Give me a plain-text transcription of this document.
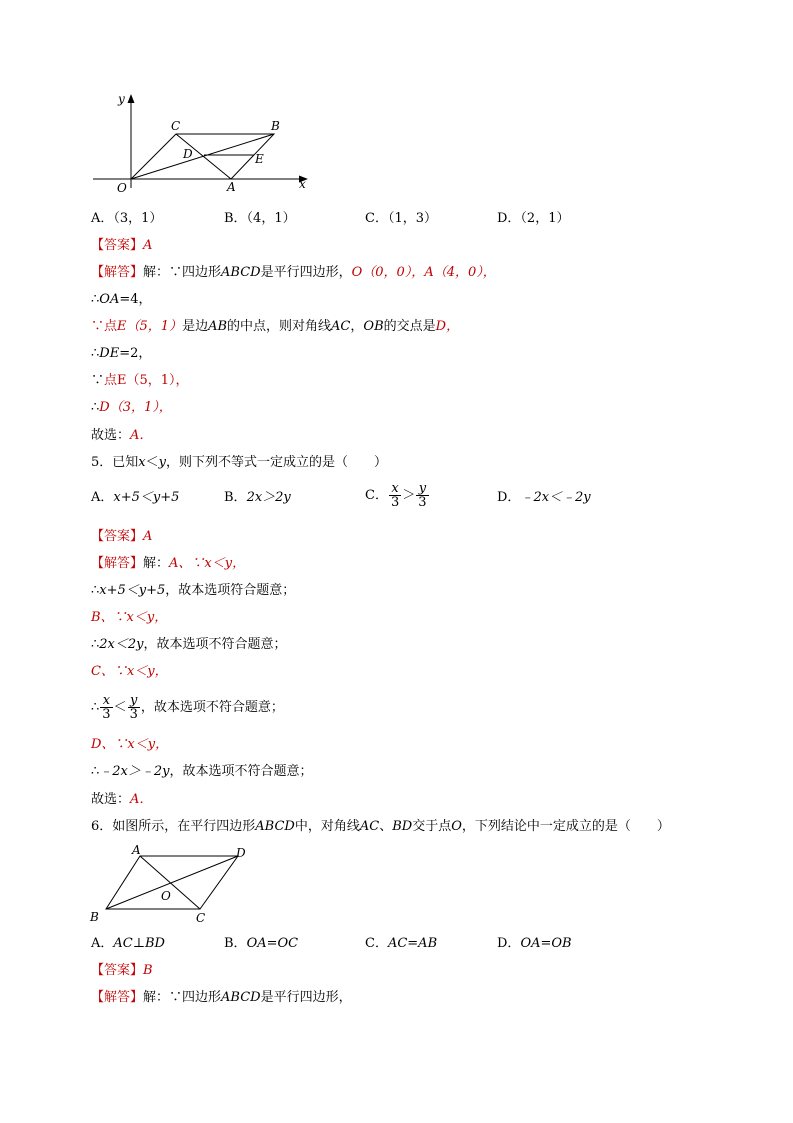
y
x
O	A
B
C
D	E
A．（3，1）	B．（4，1）	C．（1，3）	D．（2，1）
【答案】A
【解答】解：∵四边形ABCD是平行四边形，O（0，0），A（4，0），
∴OA=4，
∵点E（5，1）是边AB的中点，则对角线AC，OB的交点是D，
∴DE=2，
∵点E（5，1），
∴D（3，1），
故选：A．
5．已知x＜y，则下列不等式一定成立的是（　　）
A．x+5＜y+5	B．2x＞2y	C． $\frac{x}{3} > \frac{y}{3}$	D．﹣2x＜﹣2y
【答案】A
【解答】解：A、∵x＜y，
∴x+5＜y+5，故本选项符合题意；
B、∵x＜y，
∴2x＜2y，故本选项不符合题意；
C、∵x＜y，
∴ $\frac{x}{3} < \frac{y}{3}$ ，故本选项不符合题意；
D、∵x＜y，
∴﹣2x＞﹣2y，故本选项不符合题意；
故选：A．
6．如图所示，在平行四边形ABCD中，对角线AC、BD交于点O，下列结论中一定成立的是（　　）
A	D
B	C
O
A．AC⊥BD	B．OA=OC	C．AC=AB	D．OA=OB
【答案】B
【解答】解：∵四边形ABCD是平行四边形，
